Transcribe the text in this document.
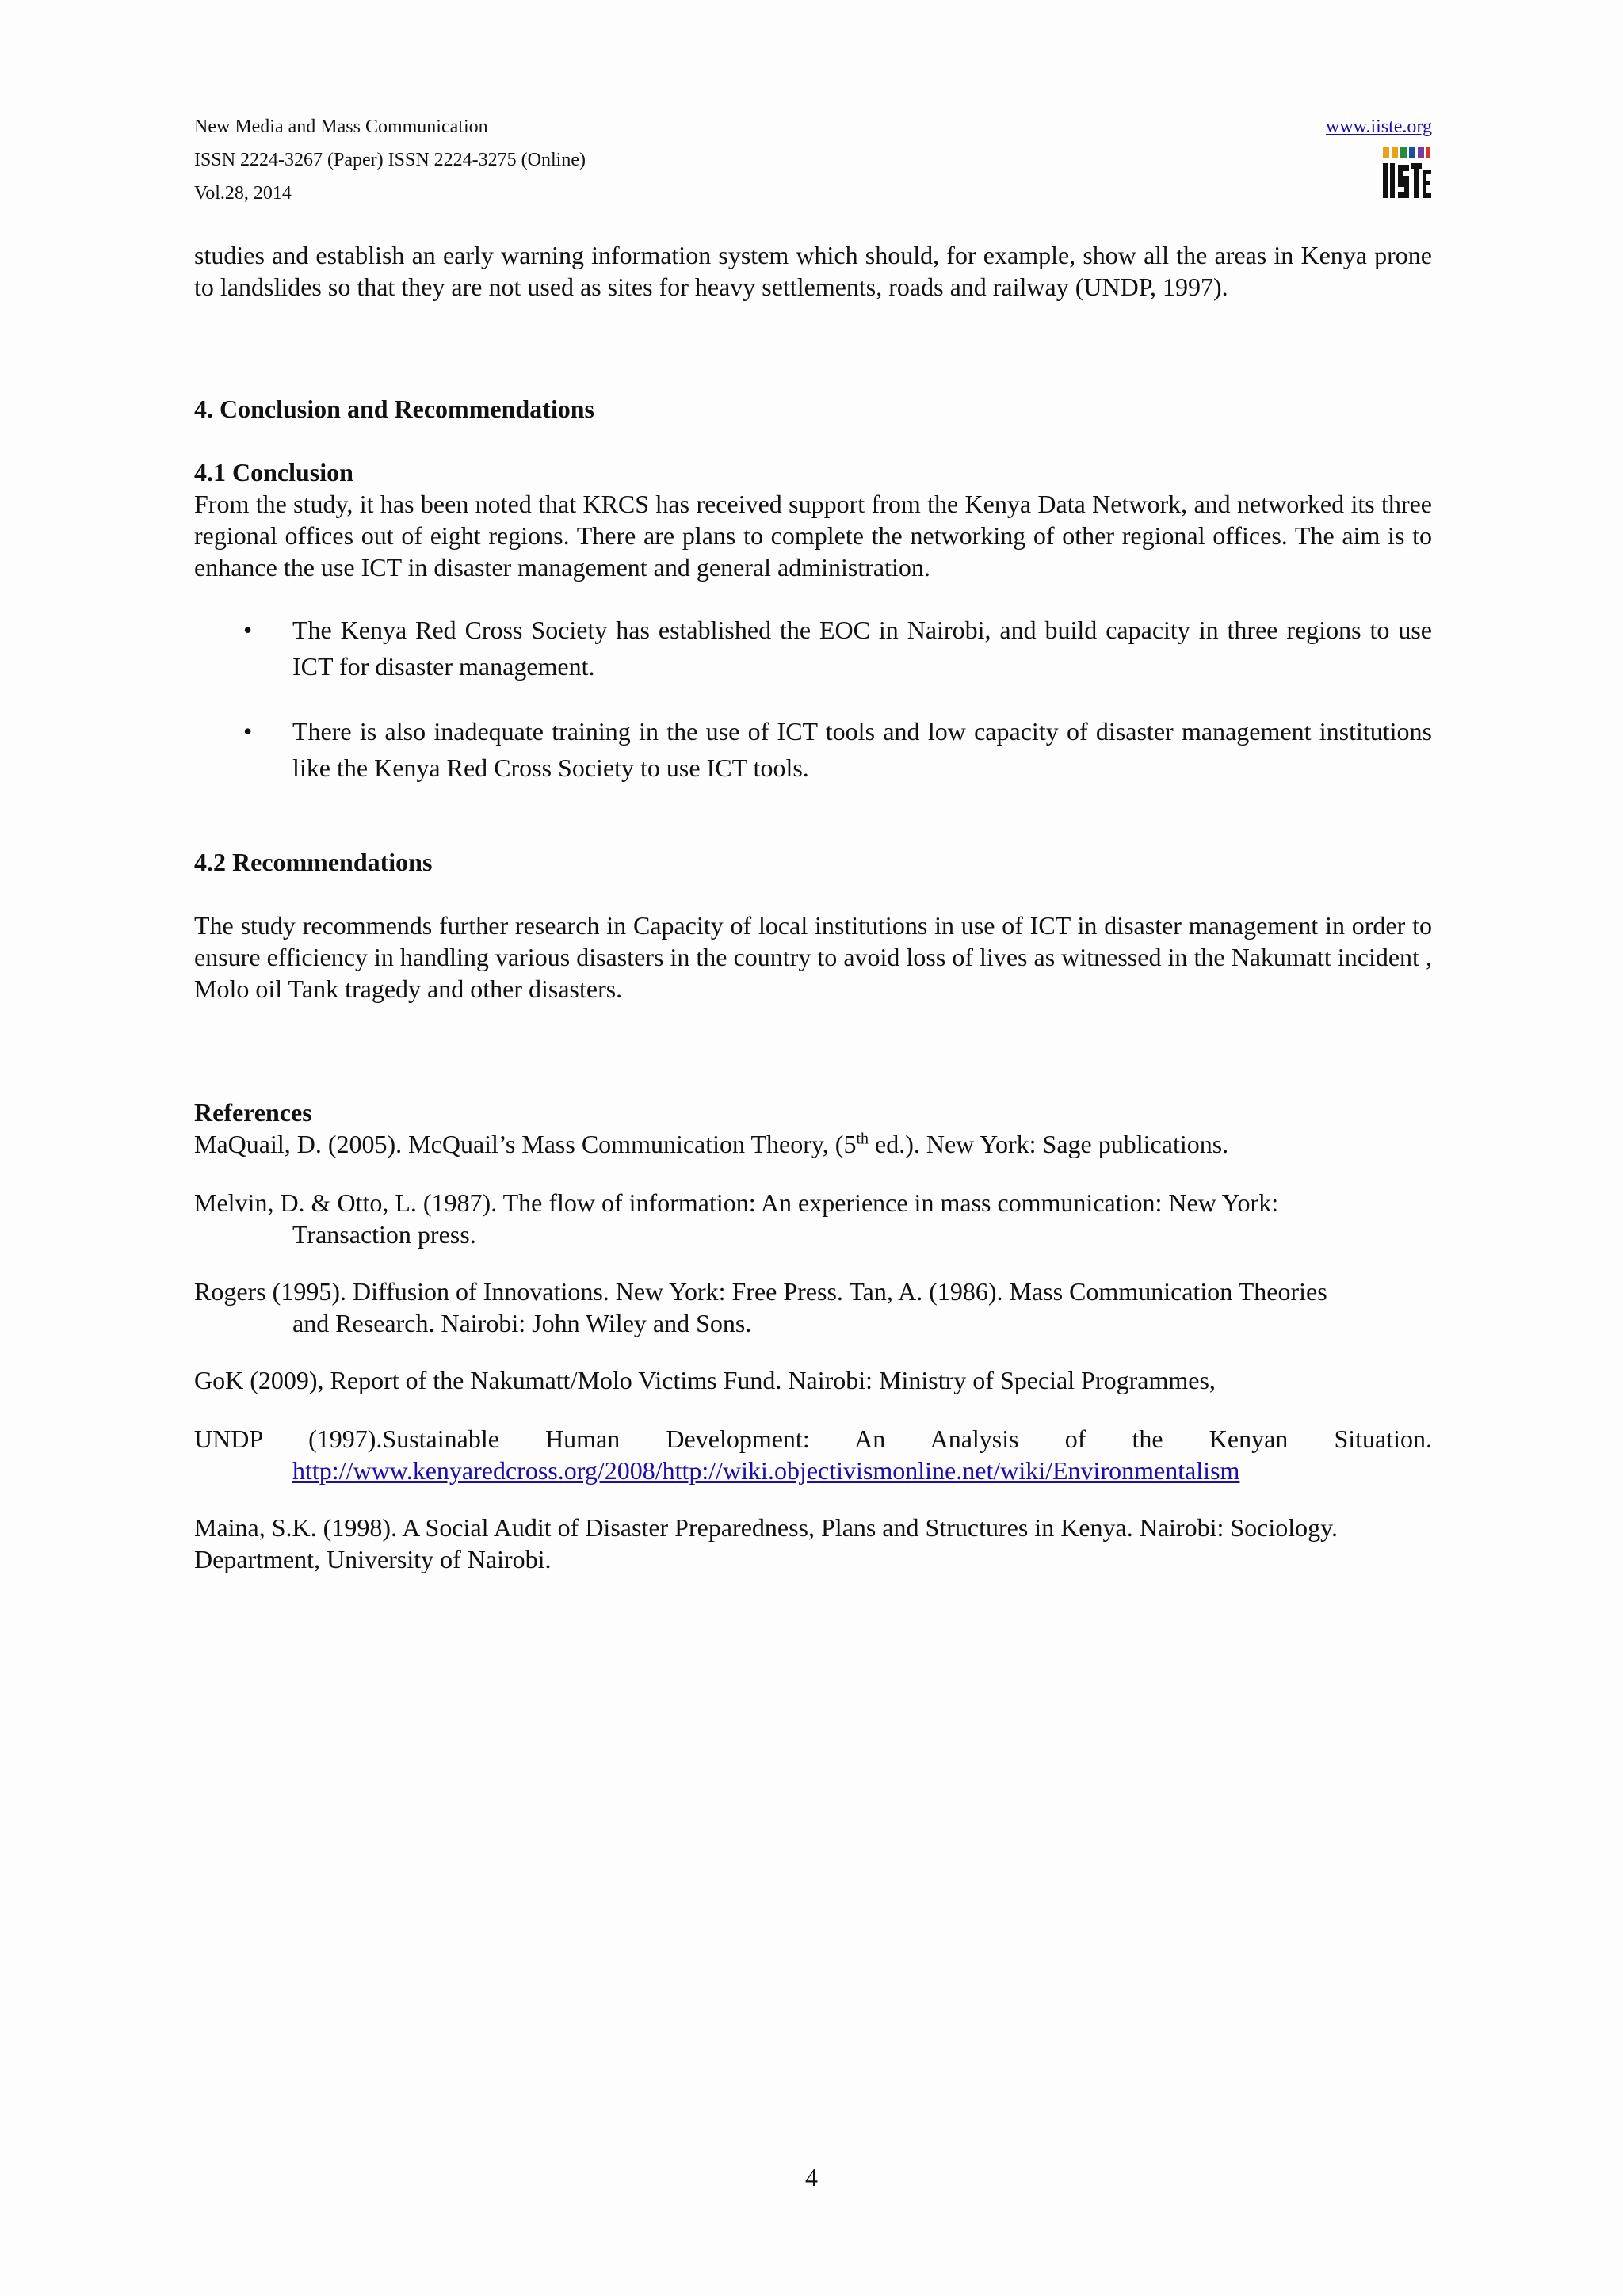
New Media and Mass Communication
ISSN 2224-3267 (Paper) ISSN 2224-3275 (Online)
Vol.28, 2014
www.iiste.org

studies and establish an early warning information system which should, for example, show all the areas in Kenya prone to landslides so that they are not used as sites for heavy settlements, roads and railway (UNDP, 1997).

4. Conclusion and Recommendations
4.1 Conclusion

From the study, it has been noted that KRCS has received support from the Kenya Data Network, and networked its three regional offices out of eight regions. There are plans to complete the networking of other regional offices. The aim is to enhance the use ICT in disaster management and general administration.

• The Kenya Red Cross Society has established the EOC in Nairobi, and build capacity in three regions to use ICT for disaster management.
• There is also inadequate training in the use of ICT tools and low capacity of disaster management institutions like the Kenya Red Cross Society to use ICT tools.
4.2 Recommendations

The study recommends further research in Capacity of local institutions in use of ICT in disaster management in order to ensure efficiency in handling various disasters in the country to avoid loss of lives as witnessed in the Nakumatt incident , Molo oil Tank tragedy and other disasters.

References
MaQuail, D. (2005). McQuail’s Mass Communication Theory, (5th ed.). New York: Sage publications.
Melvin, D. & Otto, L. (1987). The flow of information: An experience in mass communication: New York:
Transaction press.
Rogers (1995). Diffusion of Innovations. New York: Free Press. Tan, A. (1986). Mass Communication Theories
and Research. Nairobi: John Wiley and Sons.
GoK (2009), Report of the Nakumatt/Molo Victims Fund. Nairobi: Ministry of Special Programmes,
UNDP (1997).Sustainable Human Development: An Analysis of the Kenyan Situation.
http://www.kenyaredcross.org/2008/http://wiki.objectivismonline.net/wiki/Environmentalism
Maina, S.K. (1998). A Social Audit of Disaster Preparedness, Plans and Structures in Kenya. Nairobi: Sociology.
Department, University of Nairobi.
4
